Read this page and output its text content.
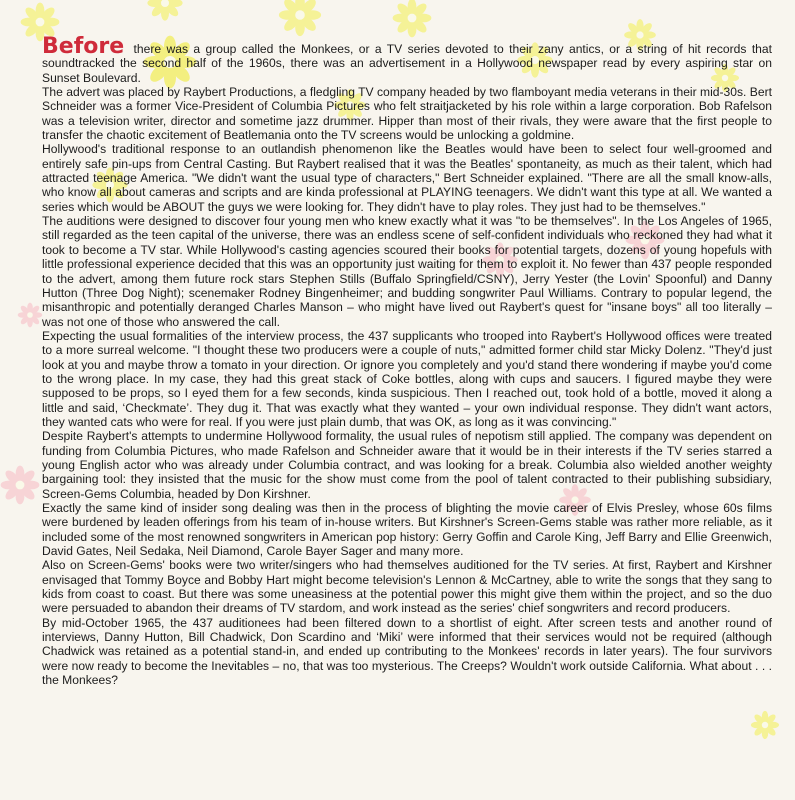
Before there was a group called the Monkees, or a TV series devoted to their zany antics, or a string of hit records that soundtracked the second half of the 1960s, there was an advertisement in a Hollywood newspaper read by every aspiring star on Sunset Boulevard.

The advert was placed by Raybert Productions, a fledgling TV company headed by two flamboyant media veterans in their mid-30s. Bert Schneider was a former Vice-President of Columbia Pictures who felt straitjacketed by his role within a large corporation. Bob Rafelson was a television writer, director and sometime jazz drummer. Hipper than most of their rivals, they were aware that the first people to transfer the chaotic excitement of Beatlemania onto the TV screens would be unlocking a goldmine.

Hollywood's traditional response to an outlandish phenomenon like the Beatles would have been to select four well-groomed and entirely safe pin-ups from Central Casting. But Raybert realised that it was the Beatles' spontaneity, as much as their talent, which had attracted teenage America. "We didn't want the usual type of characters," Bert Schneider explained. "There are all the small know-alls, who know all about cameras and scripts and are kinda professional at PLAYING teenagers. We didn't want this type at all. We wanted a series which would be ABOUT the guys we were looking for. They didn't have to play roles. They just had to be themselves."

The auditions were designed to discover four young men who knew exactly what it was "to be themselves". In the Los Angeles of 1965, still regarded as the teen capital of the universe, there was an endless scene of self-confident individuals who reckoned they had what it took to become a TV star. While Hollywood's casting agencies scoured their books for potential targets, dozens of young hopefuls with little professional experience decided that this was an opportunity just waiting for them to exploit it. No fewer than 437 people responded to the advert, among them future rock stars Stephen Stills (Buffalo Springfield/CSNY), Jerry Yester (the Lovin' Spoonful) and Danny Hutton (Three Dog Night); scenemaker Rodney Bingenheimer; and budding songwriter Paul Williams. Contrary to popular legend, the misanthropic and potentially deranged Charles Manson – who might have lived out Raybert's quest for "insane boys" all too literally – was not one of those who answered the call.

Expecting the usual formalities of the interview process, the 437 supplicants who trooped into Raybert's Hollywood offices were treated to a more surreal welcome. "I thought these two producers were a couple of nuts," admitted former child star Micky Dolenz. "They'd just look at you and maybe throw a tomato in your direction. Or ignore you completely and you'd stand there wondering if maybe you'd come to the wrong place. In my case, they had this great stack of Coke bottles, along with cups and saucers. I figured maybe they were supposed to be props, so I eyed them for a few seconds, kinda suspicious. Then I reached out, took hold of a bottle, moved it along a little and said, ‘Checkmate’. They dug it. That was exactly what they wanted – your own individual response. They didn't want actors, they wanted cats who were for real. If you were just plain dumb, that was OK, as long as it was convincing."

Despite Raybert's attempts to undermine Hollywood formality, the usual rules of nepotism still applied. The company was dependent on funding from Columbia Pictures, who made Rafelson and Schneider aware that it would be in their interests if the TV series starred a young English actor who was already under Columbia contract, and was looking for a break. Columbia also wielded another weighty bargaining tool: they insisted that the music for the show must come from the pool of talent contracted to their publishing subsidiary, Screen-Gems Columbia, headed by Don Kirshner.

Exactly the same kind of insider song dealing was then in the process of blighting the movie career of Elvis Presley, whose 60s films were burdened by leaden offerings from his team of in-house writers. But Kirshner's Screen-Gems stable was rather more reliable, as it included some of the most renowned songwriters in American pop history: Gerry Goffin and Carole King, Jeff Barry and Ellie Greenwich, David Gates, Neil Sedaka, Neil Diamond, Carole Bayer Sager and many more.

Also on Screen-Gems' books were two writer/singers who had themselves auditioned for the TV series. At first, Raybert and Kirshner envisaged that Tommy Boyce and Bobby Hart might become television's Lennon & McCartney, able to write the songs that they sang to kids from coast to coast. But there was some uneasiness at the potential power this might give them within the project, and so the duo were persuaded to abandon their dreams of TV stardom, and work instead as the series' chief songwriters and record producers.

By mid-October 1965, the 437 auditionees had been filtered down to a shortlist of eight. After screen tests and another round of interviews, Danny Hutton, Bill Chadwick, Don Scardino and ‘Miki’ were informed that their services would not be required (although Chadwick was retained as a potential stand-in, and ended up contributing to the Monkees' records in later years). The four survivors were now ready to become the Inevitables – no, that was too mysterious. The Creeps? Wouldn't work outside California. What about . . . the Monkees?
